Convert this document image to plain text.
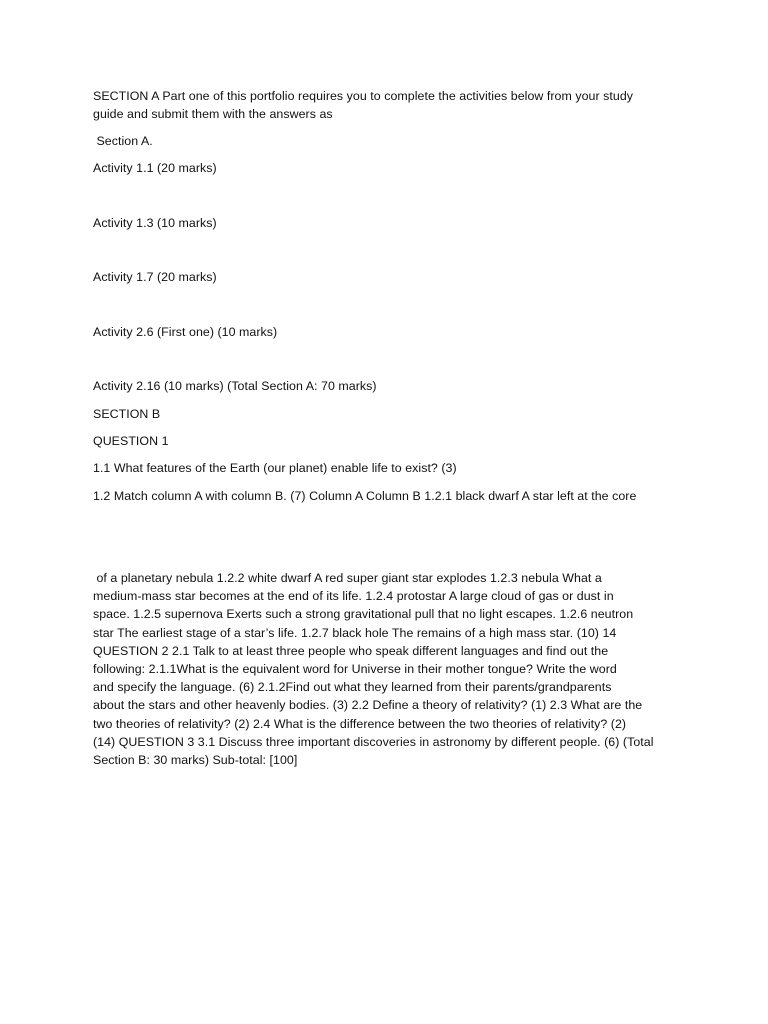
SECTION A Part one of this portfolio requires you to complete the activities below from your study

guide and submit them with the answers as

Section A.

Activity 1.1 (20 marks)

Activity 1.3 (10 marks)

Activity 1.7 (20 marks)

Activity 2.6 (First one) (10 marks)

Activity 2.16 (10 marks) (Total Section A: 70 marks)

SECTION B

QUESTION 1

1.1 What features of the Earth (our planet) enable life to exist? (3)

1.2 Match column A with column B. (7) Column A Column B 1.2.1 black dwarf A star left at the core

of a planetary nebula 1.2.2 white dwarf A red super giant star explodes 1.2.3 nebula What a
medium-mass star becomes at the end of its life. 1.2.4 protostar A large cloud of gas or dust in
space. 1.2.5 supernova Exerts such a strong gravitational pull that no light escapes. 1.2.6 neutron
star The earliest stage of a star’s life. 1.2.7 black hole The remains of a high mass star. (10) 14
QUESTION 2 2.1 Talk to at least three people who speak different languages and find out the
following: 2.1.1What is the equivalent word for Universe in their mother tongue? Write the word
and specify the language. (6) 2.1.2Find out what they learned from their parents/grandparents
about the stars and other heavenly bodies. (3) 2.2 Define a theory of relativity? (1) 2.3 What are the
two theories of relativity? (2) 2.4 What is the difference between the two theories of relativity? (2)
(14) QUESTION 3 3.1 Discuss three important discoveries in astronomy by different people. (6) (Total
Section B: 30 marks) Sub-total: [100]
